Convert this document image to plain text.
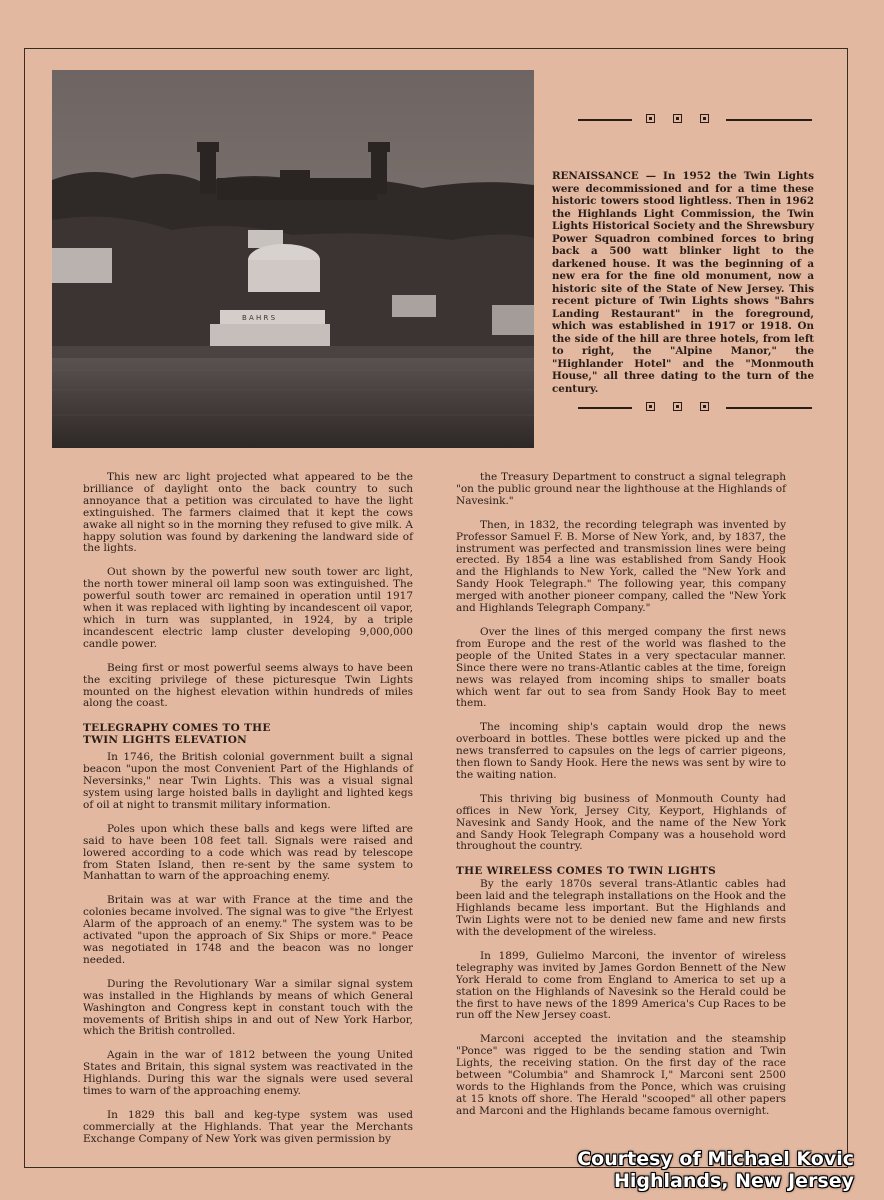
B A H R S
RENAISSANCE — In 1952 the Twin Lights were decommissioned and for a time these historic towers stood lightless. Then in 1962 the Highlands Light Commission, the Twin Lights Historical Society and the Shrewsbury Power Squadron combined forces to bring back a 500 watt blinker light to the darkened house. It was the beginning of a new era for the fine old monument, now a historic site of the State of New Jersey. This recent picture of Twin Lights shows "Bahrs Landing Restaurant" in the foreground, which was established in 1917 or 1918. On the side of the hill are three hotels, from left to right, the "Alpine Manor," the "Highlander Hotel" and the "Monmouth House," all three dating to the turn of the century.

This new arc light projected what appeared to be the brilliance of daylight onto the back country to such annoyance that a petition was circulated to have the light extinguished. The farmers claimed that it kept the cows awake all night so in the morning they refused to give milk. A happy solution was found by darkening the landward side of the lights.

Out shown by the powerful new south tower arc light, the north tower mineral oil lamp soon was extinguished. The powerful south tower arc remained in operation until 1917 when it was replaced with lighting by incandescent oil vapor, which in turn was supplanted, in 1924, by a triple incandescent electric lamp cluster developing 9,000,000 candle power.

Being first or most powerful seems always to have been the exciting privilege of these picturesque Twin Lights mounted on the highest elevation within hundreds of miles along the coast.

TELEGRAPHY COMES TO THE
TWIN LIGHTS ELEVATION

In 1746, the British colonial government built a signal beacon "upon the most Convenient Part of the Highlands of Neversinks," near Twin Lights. This was a visual signal system using large hoisted balls in daylight and lighted kegs of oil at night to transmit military information.

Poles upon which these balls and kegs were lifted are said to have been 108 feet tall. Signals were raised and lowered according to a code which was read by telescope from Staten Island, then re-sent by the same system to Manhattan to warn of the approaching enemy.

Britain was at war with France at the time and the colonies became involved. The signal was to give "the Erlyest Alarm of the approach of an enemy." The system was to be activated "upon the approach of Six Ships or more." Peace was negotiated in 1748 and the beacon was no longer needed.

During the Revolutionary War a similar signal system was installed in the Highlands by means of which General Washington and Congress kept in constant touch with the movements of British ships in and out of New York Harbor, which the British controlled.

Again in the war of 1812 between the young United States and Britain, this signal system was reactivated in the Highlands. During this war the signals were used several times to warn of the approaching enemy.

In 1829 this ball and keg-type system was used commercially at the Highlands. That year the Merchants Exchange Company of New York was given permission by

the Treasury Department to construct a signal telegraph "on the public ground near the lighthouse at the Highlands of Navesink."

Then, in 1832, the recording telegraph was invented by Professor Samuel F. B. Morse of New York, and, by 1837, the instrument was perfected and transmission lines were being erected. By 1854 a line was established from Sandy Hook and the Highlands to New York, called the "New York and Sandy Hook Telegraph." The following year, this company merged with another pioneer company, called the "New York and Highlands Telegraph Company."

Over the lines of this merged company the first news from Europe and the rest of the world was flashed to the people of the United States in a very spectacular manner. Since there were no trans-Atlantic cables at the time, foreign news was relayed from incoming ships to smaller boats which went far out to sea from Sandy Hook Bay to meet them.

The incoming ship's captain would drop the news overboard in bottles. These bottles were picked up and the news transferred to capsules on the legs of carrier pigeons, then flown to Sandy Hook. Here the news was sent by wire to the waiting nation.

This thriving big business of Monmouth County had offices in New York, Jersey City, Keyport, Highlands of Navesink and Sandy Hook, and the name of the New York and Sandy Hook Telegraph Company was a household word throughout the country.

THE WIRELESS COMES TO TWIN LIGHTS

By the early 1870s several trans-Atlantic cables had been laid and the telegraph installations on the Hook and the Highlands became less important. But the Highlands and Twin Lights were not to be denied new fame and new firsts with the development of the wireless.

In 1899, Gulielmo Marconi, the inventor of wireless telegraphy was invited by James Gordon Bennett of the New York Herald to come from England to America to set up a station on the Highlands of Navesink so the Herald could be the first to have news of the 1899 America's Cup Races to be run off the New Jersey coast.

Marconi accepted the invitation and the steamship "Ponce" was rigged to be the sending station and Twin Lights, the receiving station. On the first day of the race between "Columbia" and Shamrock I," Marconi sent 2500 words to the Highlands from the Ponce, which was cruising at 15 knots off shore. The Herald "scooped" all other papers and Marconi and the Highlands became famous overnight.

Courtesy of Michael Kovic
Highlands, New Jersey
